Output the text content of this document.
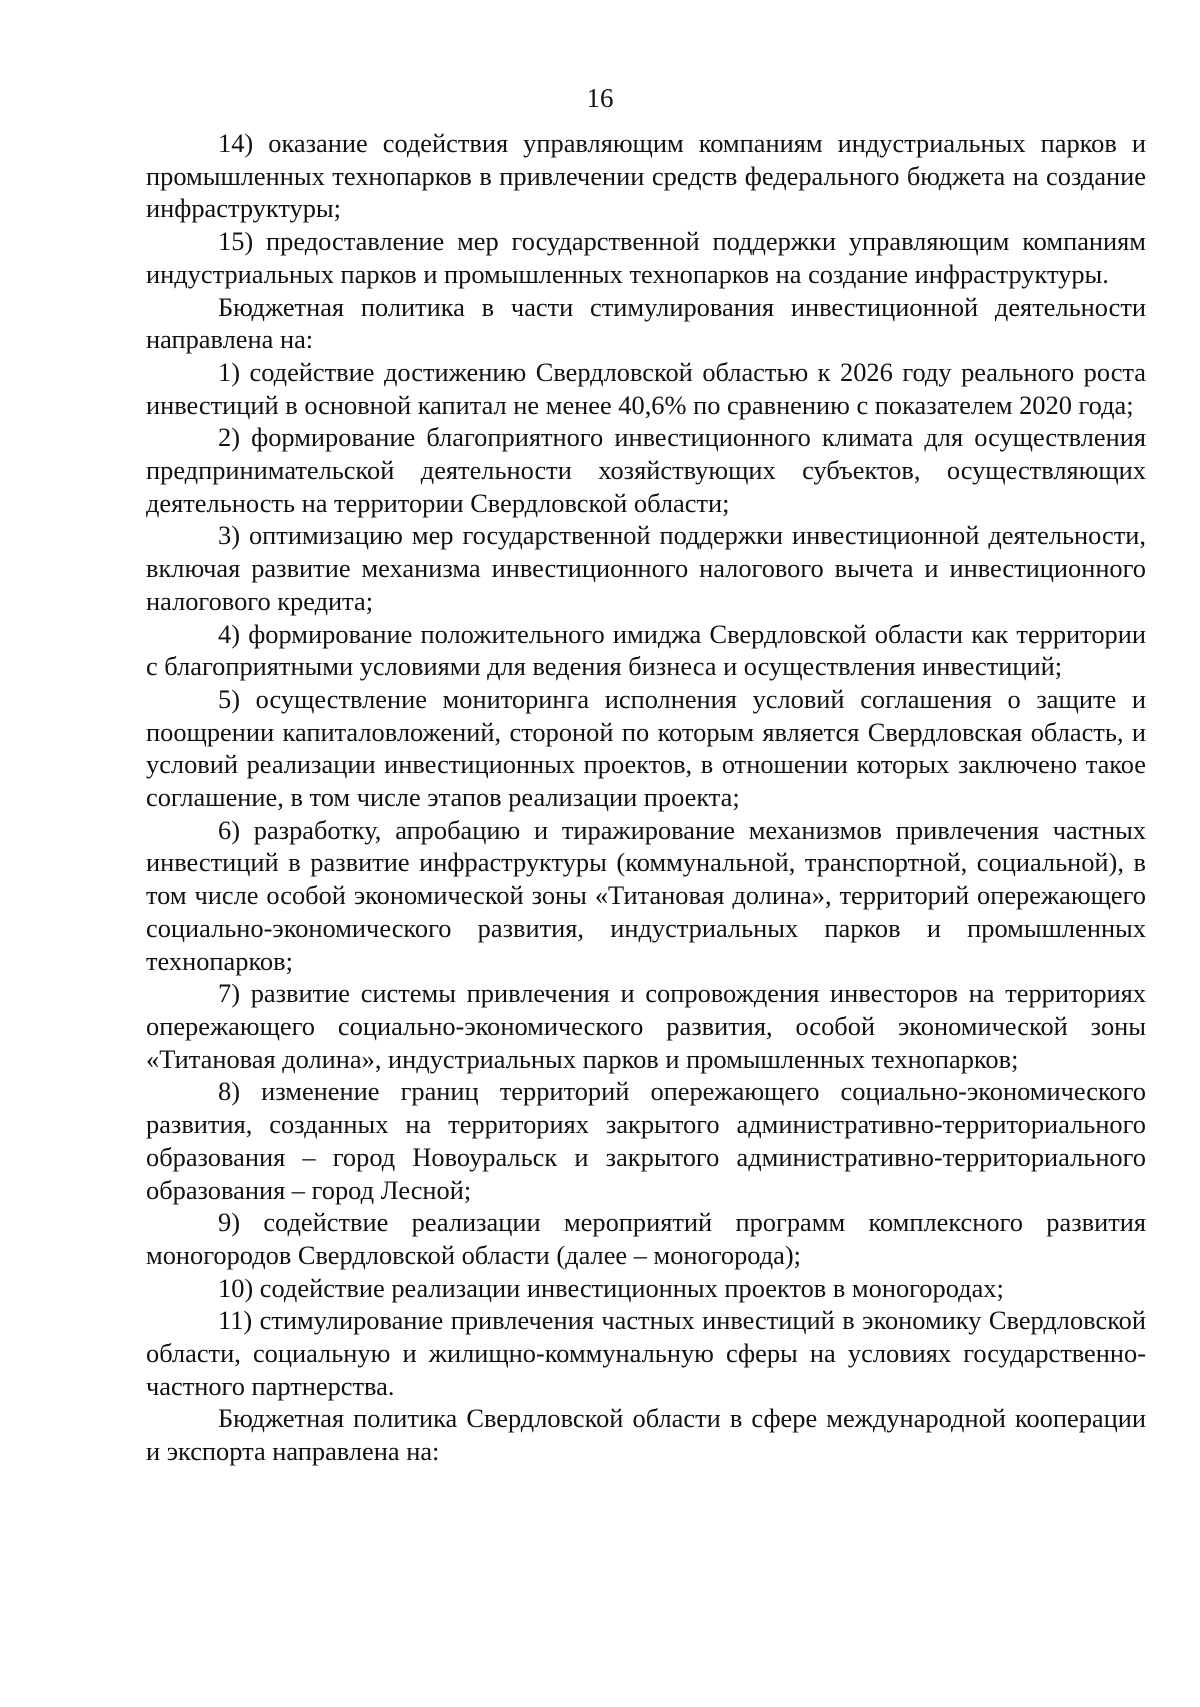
16

14) оказание содействия управляющим компаниям индустриальных парков и промышленных технопарков в привлечении средств федерального бюджета на создание инфраструктуры;

15) предоставление мер государственной поддержки управляющим компаниям индустриальных парков и промышленных технопарков на создание инфраструктуры.

Бюджетная политика в части стимулирования инвестиционной деятельности направлена на:

1) содействие достижению Свердловской областью к 2026 году реального роста инвестиций в основной капитал не менее 40,6% по сравнению с показателем 2020 года;

2) формирование благоприятного инвестиционного климата для осуществления предпринимательской деятельности хозяйствующих субъектов, осуществляющих деятельность на территории Свердловской области;

3) оптимизацию мер государственной поддержки инвестиционной деятельности, включая развитие механизма инвестиционного налогового вычета и инвестиционного налогового кредита;

4) формирование положительного имиджа Свердловской области как территории с благоприятными условиями для ведения бизнеса и осуществления инвестиций;

5) осуществление мониторинга исполнения условий соглашения о защите и поощрении капиталовложений, стороной по которым является Свердловская область, и условий реализации инвестиционных проектов, в отношении которых заключено такое соглашение, в том числе этапов реализации проекта;

6) разработку, апробацию и тиражирование механизмов привлечения частных инвестиций в развитие инфраструктуры (коммунальной, транспортной, социальной), в том числе особой экономической зоны «Титановая долина», территорий опережающего социально-экономического развития, индустриальных парков и промышленных технопарков;

7) развитие системы привлечения и сопровождения инвесторов на территориях опережающего социально-экономического развития, особой экономической зоны «Титановая долина», индустриальных парков и промышленных технопарков;

8) изменение границ территорий опережающего социально-экономического развития, созданных на территориях закрытого административно-территориального образования – город Новоуральск и закрытого административно-территориального образования – город Лесной;

9) содействие реализации мероприятий программ комплексного развития моногородов Свердловской области (далее – моногорода);

10) содействие реализации инвестиционных проектов в моногородах;

11) стимулирование привлечения частных инвестиций в экономику Свердловской области, социальную и жилищно-коммунальную сферы на условиях государственно-частного партнерства.

Бюджетная политика Свердловской области в сфере международной кооперации и экспорта направлена на:
